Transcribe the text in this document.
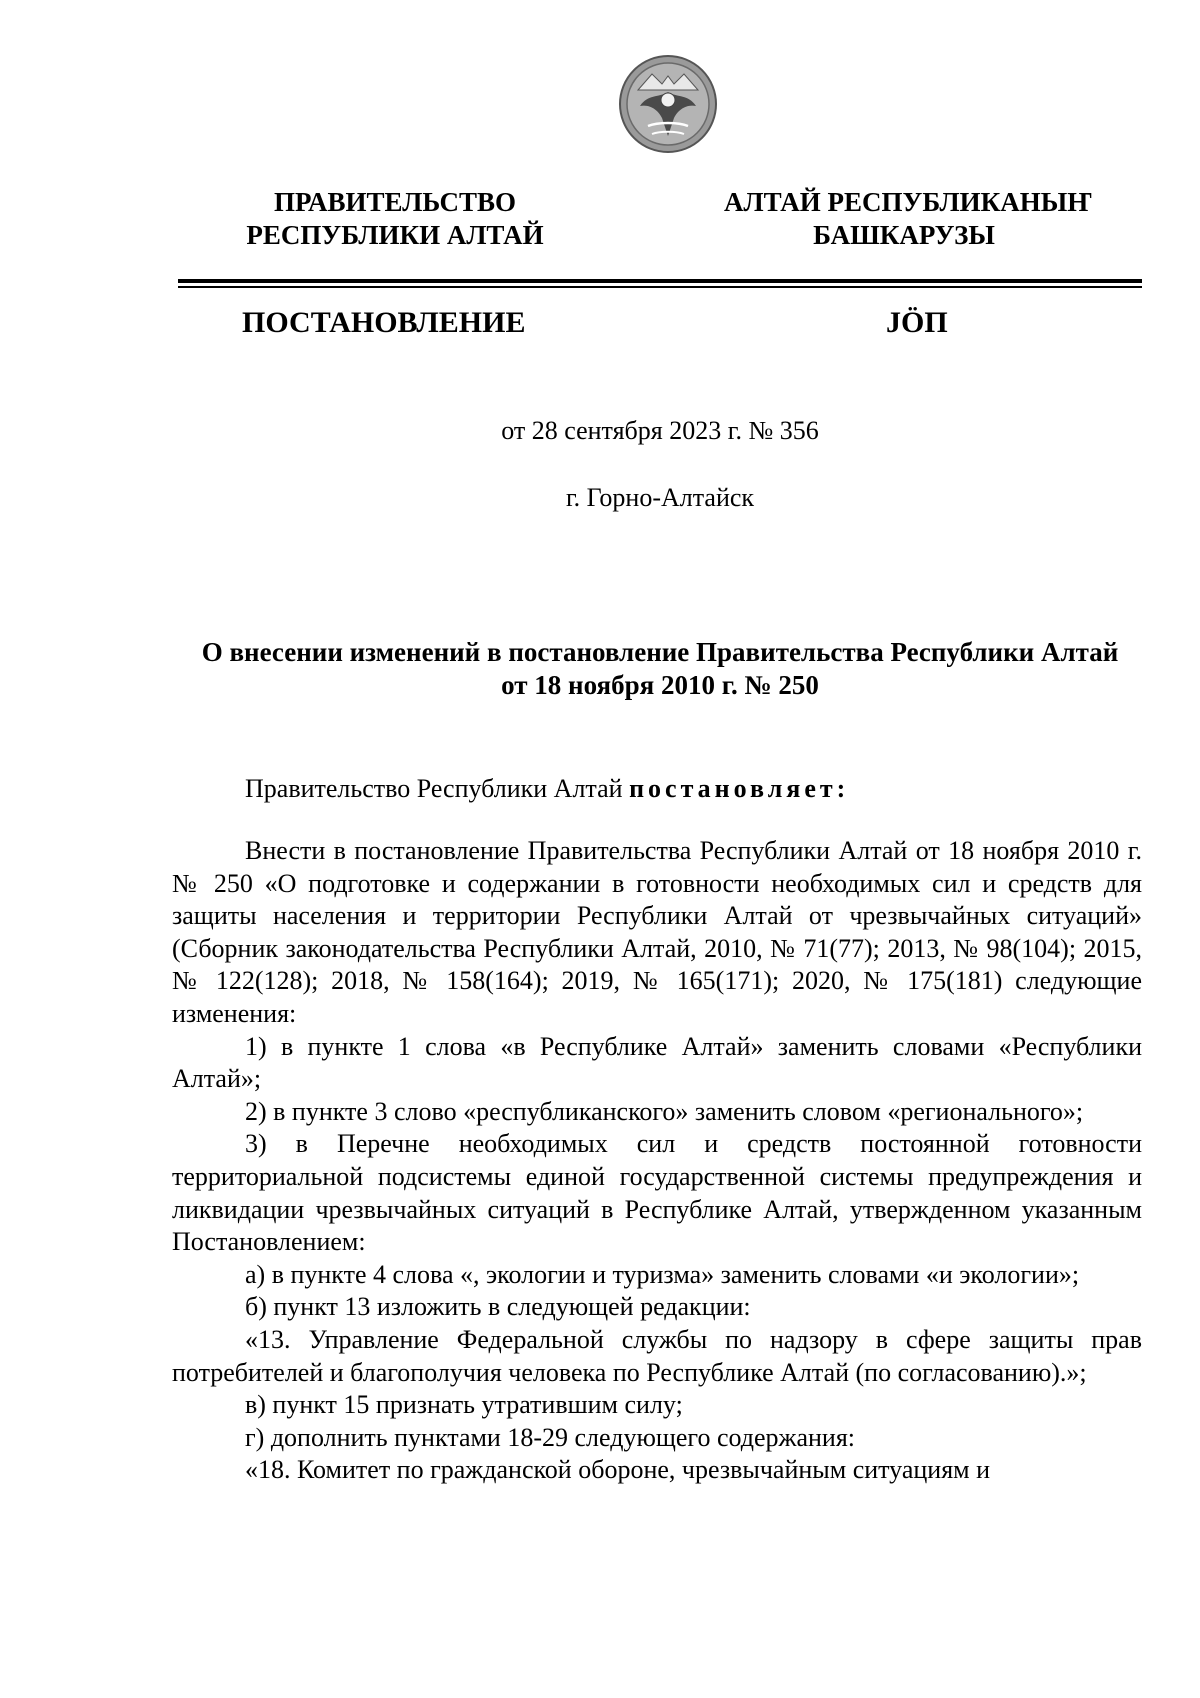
ПРАВИТЕЛЬСТВО
РЕСПУБЛИКИ АЛТАЙ
АЛТАЙ РЕСПУБЛИКАНЫҤ
БАШКАРУЗЫ
ПОСТАНОВЛЕНИЕ	JӦП
от 28 сентября 2023 г. № 356
г. Горно-Алтайск
О внесении изменений в постановление Правительства Республики Алтай
от 18 ноября 2010 г. № 250
Правительство Республики Алтай постановляет:

Внести в постановление Правительства Республики Алтай от 18 ноября 2010 г. № 250 «О подготовке и содержании в готовности необходимых сил и средств для защиты населения и территории Республики Алтай от чрезвычайных ситуаций» (Сборник законодательства Республики Алтай, 2010, № 71(77); 2013, № 98(104); 2015, № 122(128); 2018, № 158(164); 2019, № 165(171); 2020, № 175(181) следующие изменения:

1) в пункте 1 слова «в Республике Алтай» заменить словами «Республики Алтай»;

2) в пункте 3 слово «республиканского» заменить словом «регионального»;

3) в Перечне необходимых сил и средств постоянной готовности территориальной подсистемы единой государственной системы предупреждения и ликвидации чрезвычайных ситуаций в Республике Алтай, утвержденном указанным Постановлением:

а) в пункте 4 слова «, экологии и туризма» заменить словами «и экологии»;

б) пункт 13 изложить в следующей редакции:

«13. Управление Федеральной службы по надзору в сфере защиты прав потребителей и благополучия человека по Республике Алтай (по согласованию).»;

в) пункт 15 признать утратившим силу;

г) дополнить пунктами 18-29 следующего содержания:

«18. Комитет по гражданской обороне, чрезвычайным ситуациям и
